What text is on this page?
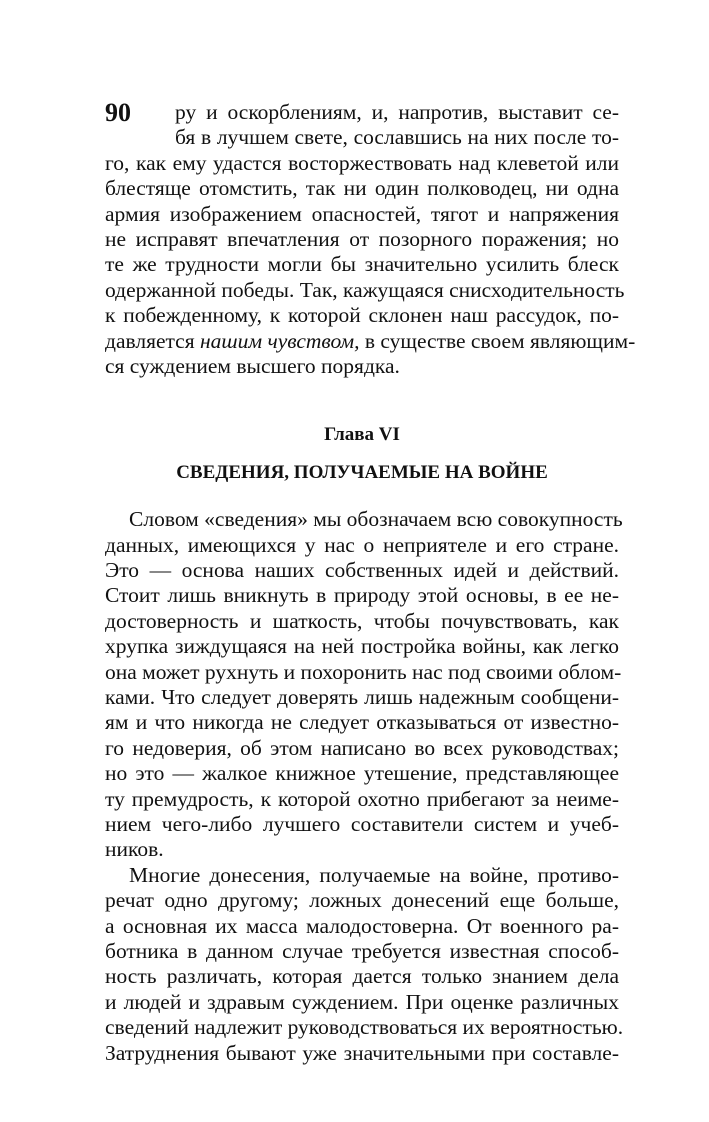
90 ру и оскорблениям, и, напротив, выставит се-
бя в лучшем свете, сославшись на них после то-
го, как ему удастся восторжествовать над клеветой или
блестяще отомстить, так ни один полководец, ни одна
армия изображением опасностей, тягот и напряжения
не исправят впечатления от позорного поражения; но
те же трудности могли бы значительно усилить блеск
одержанной победы. Так, кажущаяся снисходительность
к побежденному, к которой склонен наш рассудок, по-
давляется нашим чувством, в существе своем являющим-
ся суждением высшего порядка.
Глава VI
СВЕДЕНИЯ, ПОЛУЧАЕМЫЕ НА ВОЙНЕ
Словом «сведения» мы обозначаем всю совокупность
данных, имеющихся у нас о неприятеле и его стране.
Это — основа наших собственных идей и действий.
Стоит лишь вникнуть в природу этой основы, в ее не-
достоверность и шаткость, чтобы почувствовать, как
хрупка зиждущаяся на ней постройка войны, как легко
она может рухнуть и похоронить нас под своими облом-
ками. Что следует доверять лишь надежным сообщени-
ям и что никогда не следует отказываться от известно-
го недоверия, об этом написано во всех руководствах;
но это — жалкое книжное утешение, представляющее
ту премудрость, к которой охотно прибегают за неиме-
нием чего-либо лучшего составители систем и учеб-
ников.
Многие донесения, получаемые на войне, противо-
речат одно другому; ложных донесений еще больше,
а основная их масса малодостоверна. От военного ра-
ботника в данном случае требуется известная способ-
ность различать, которая дается только знанием дела
и людей и здравым суждением. При оценке различных
сведений надлежит руководствоваться их вероятностью.
Затруднения бывают уже значительными при составле-
